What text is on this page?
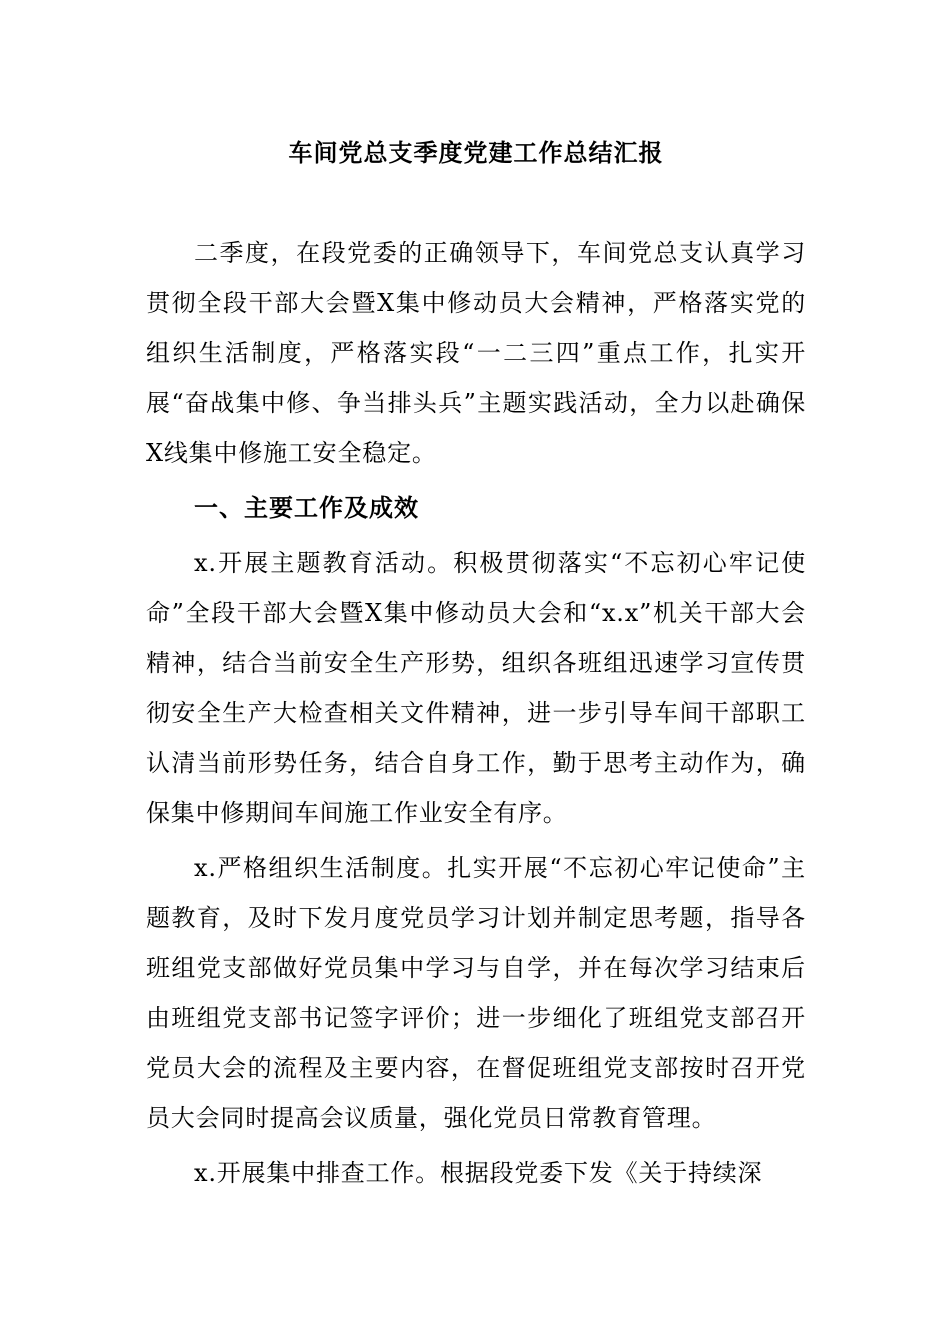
车间党总支季度党建工作总结汇报

二季度，在段党委的正确领导下，车间党总支认真学习贯彻全段干部大会暨X集中修动员大会精神，严格落实党的组织生活制度，严格落实段“一二三四”重点工作，扎实开展“奋战集中修、争当排头兵”主题实践活动，全力以赴确保X线集中修施工安全稳定。

一、主要工作及成效

x.开展主题教育活动。积极贯彻落实“不忘初心牢记使命”全段干部大会暨X集中修动员大会和“x.x”机关干部大会精神，结合当前安全生产形势，组织各班组迅速学习宣传贯彻安全生产大检查相关文件精神，进一步引导车间干部职工认清当前形势任务，结合自身工作，勤于思考主动作为，确保集中修期间车间施工作业安全有序。

x.严格组织生活制度。扎实开展“不忘初心牢记使命”主题教育，及时下发月度党员学习计划并制定思考题，指导各班组党支部做好党员集中学习与自学，并在每次学习结束后由班组党支部书记签字评价；进一步细化了班组党支部召开党员大会的流程及主要内容，在督促班组党支部按时召开党员大会同时提高会议质量，强化党员日常教育管理。

x.开展集中排查工作。根据段党委下发《关于持续深
